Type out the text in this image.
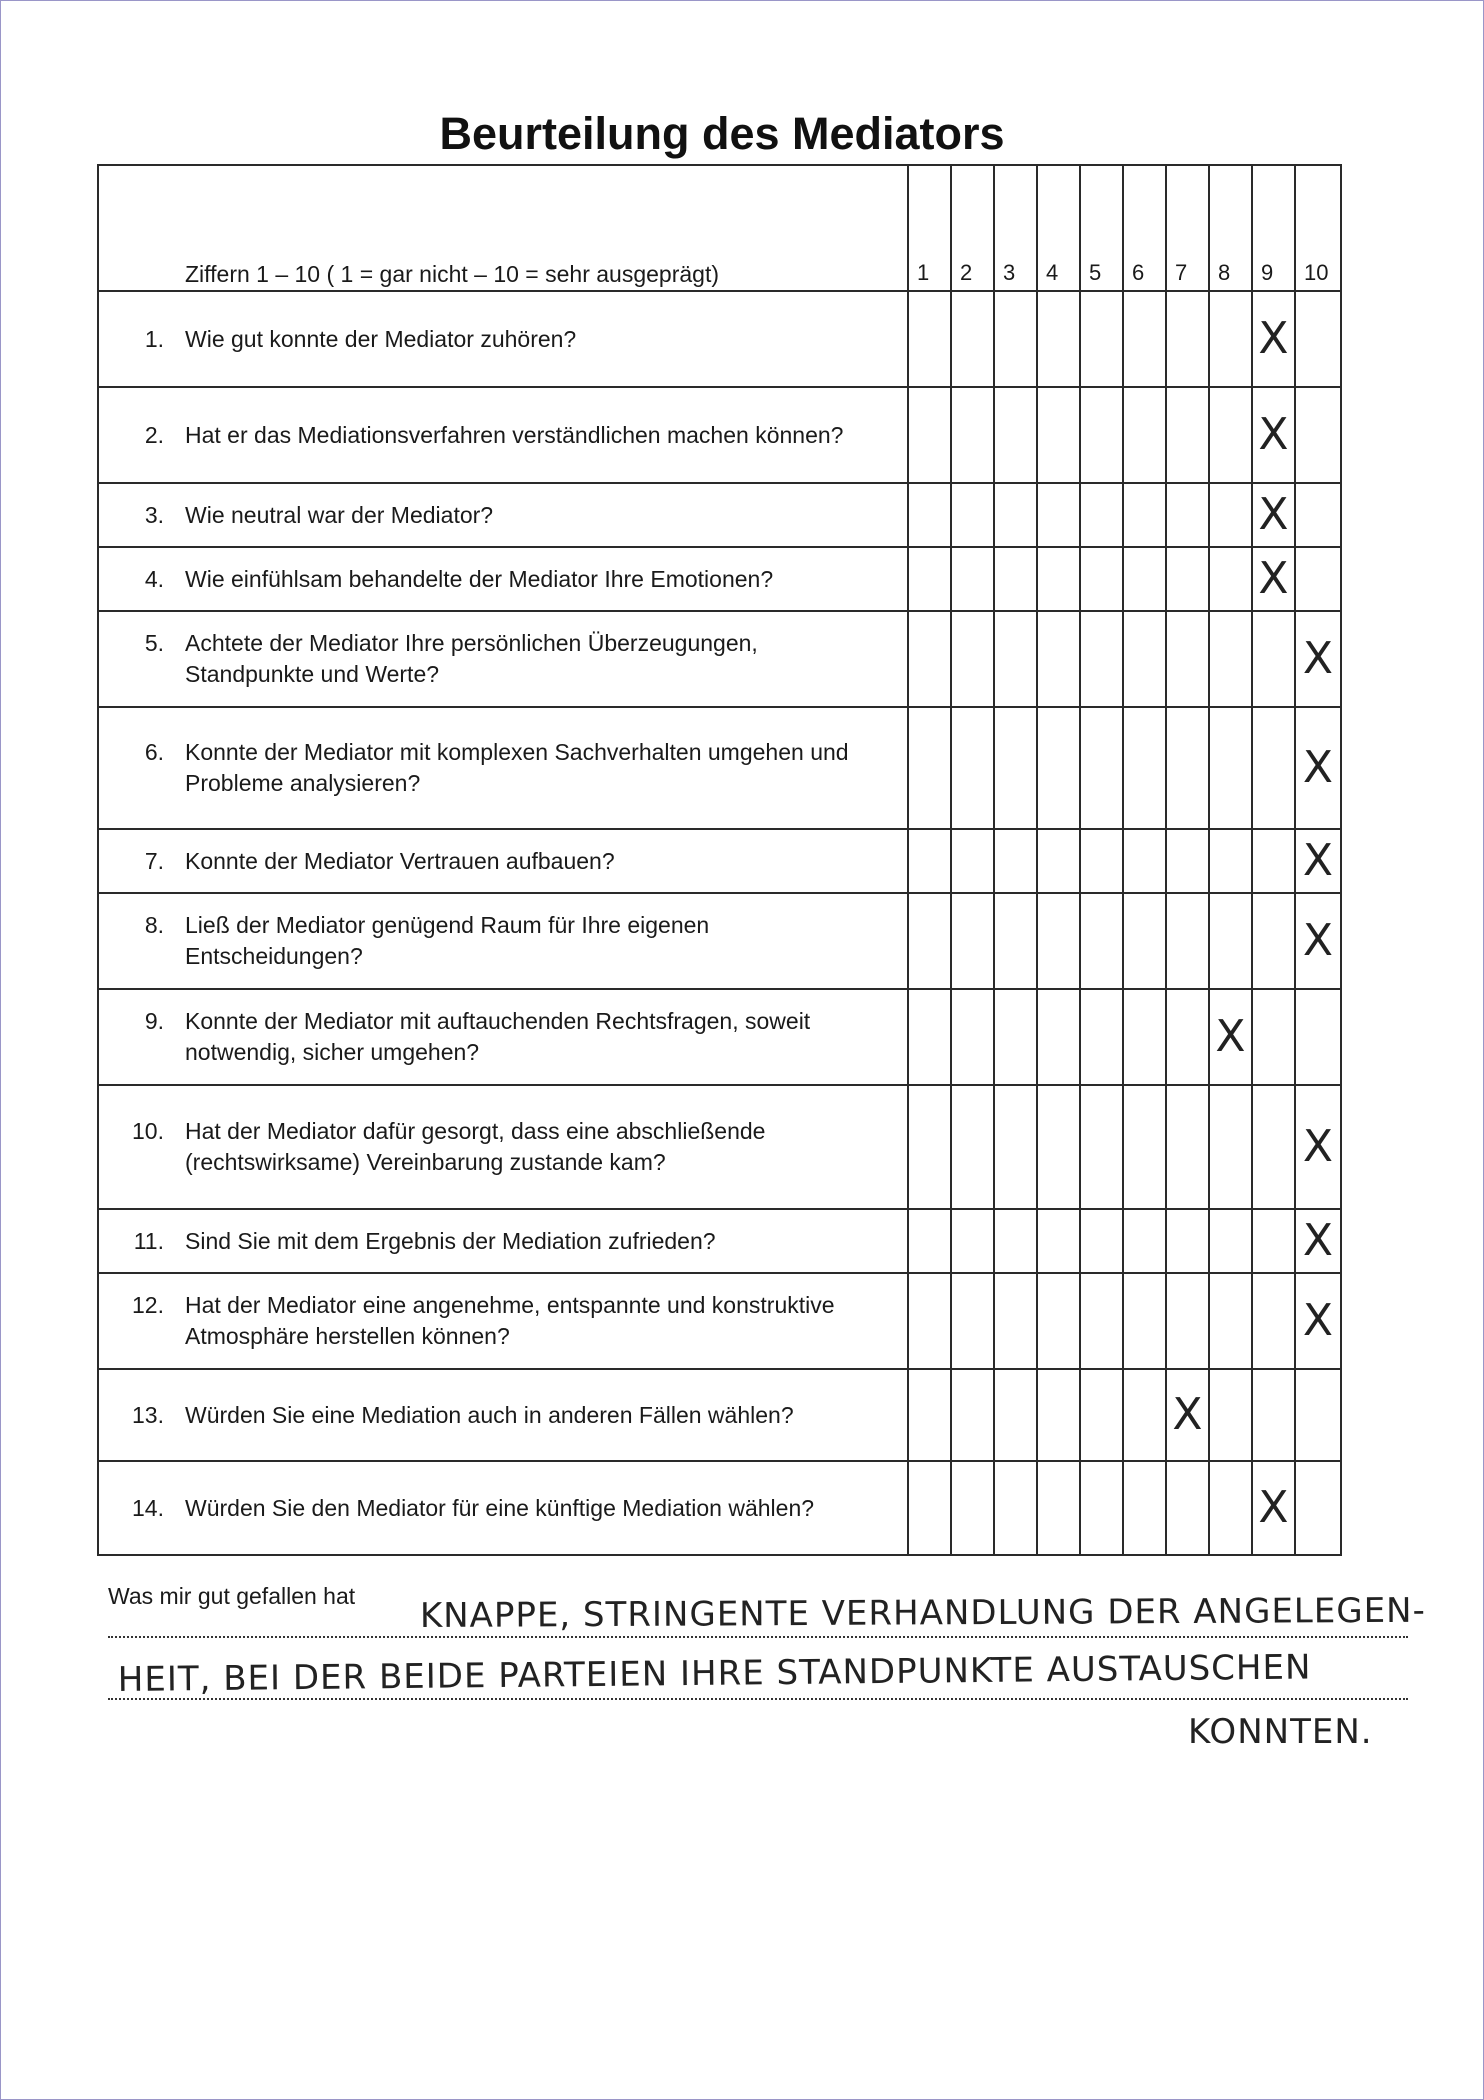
Beurteilung des Mediators
Ziffern 1 – 10 ( 1 = gar nicht – 10 = sehr ausgeprägt)	1	2	3	4	5	6	7	8	9	10

1. Wie gut konnte der Mediator zuhören?									X	

2. Hat er das Mediationsverfahren verständlichen machen können?									X	

3. Wie neutral war der Mediator?									X	

4. Wie einfühlsam behandelte der Mediator Ihre Emotionen?									X	

5. Achtete der Mediator Ihre persönlichen Überzeugungen, Standpunkte und Werte?										X

6. Konnte der Mediator mit komplexen Sachverhalten umgehen und Probleme analysieren?										X

7. Konnte der Mediator Vertrauen aufbauen?										X

8. Ließ der Mediator genügend Raum für Ihre eigenen Entscheidungen?										X

9. Konnte der Mediator mit auftauchenden Rechtsfragen, soweit notwendig, sicher umgehen?								X		

10. Hat der Mediator dafür gesorgt, dass eine abschließende (rechtswirksame) Vereinbarung zustande kam?										X

11. Sind Sie mit dem Ergebnis der Mediation zufrieden?										X

12. Hat der Mediator eine angenehme, entspannte und konstruktive Atmosphäre herstellen können?										X

13. Würden Sie eine Mediation auch in anderen Fällen wählen?							X			

14. Würden Sie den Mediator für eine künftige Mediation wählen?									X	

Was mir gut gefallen hat KNAPPE, STRINGENTE VERHANDLUNG DER ANGELEGEN-
HEIT, BEI DER BEIDE PARTEIEN IHRE STANDPUNKTE AUSTAUSCHEN
KONNTEN.
